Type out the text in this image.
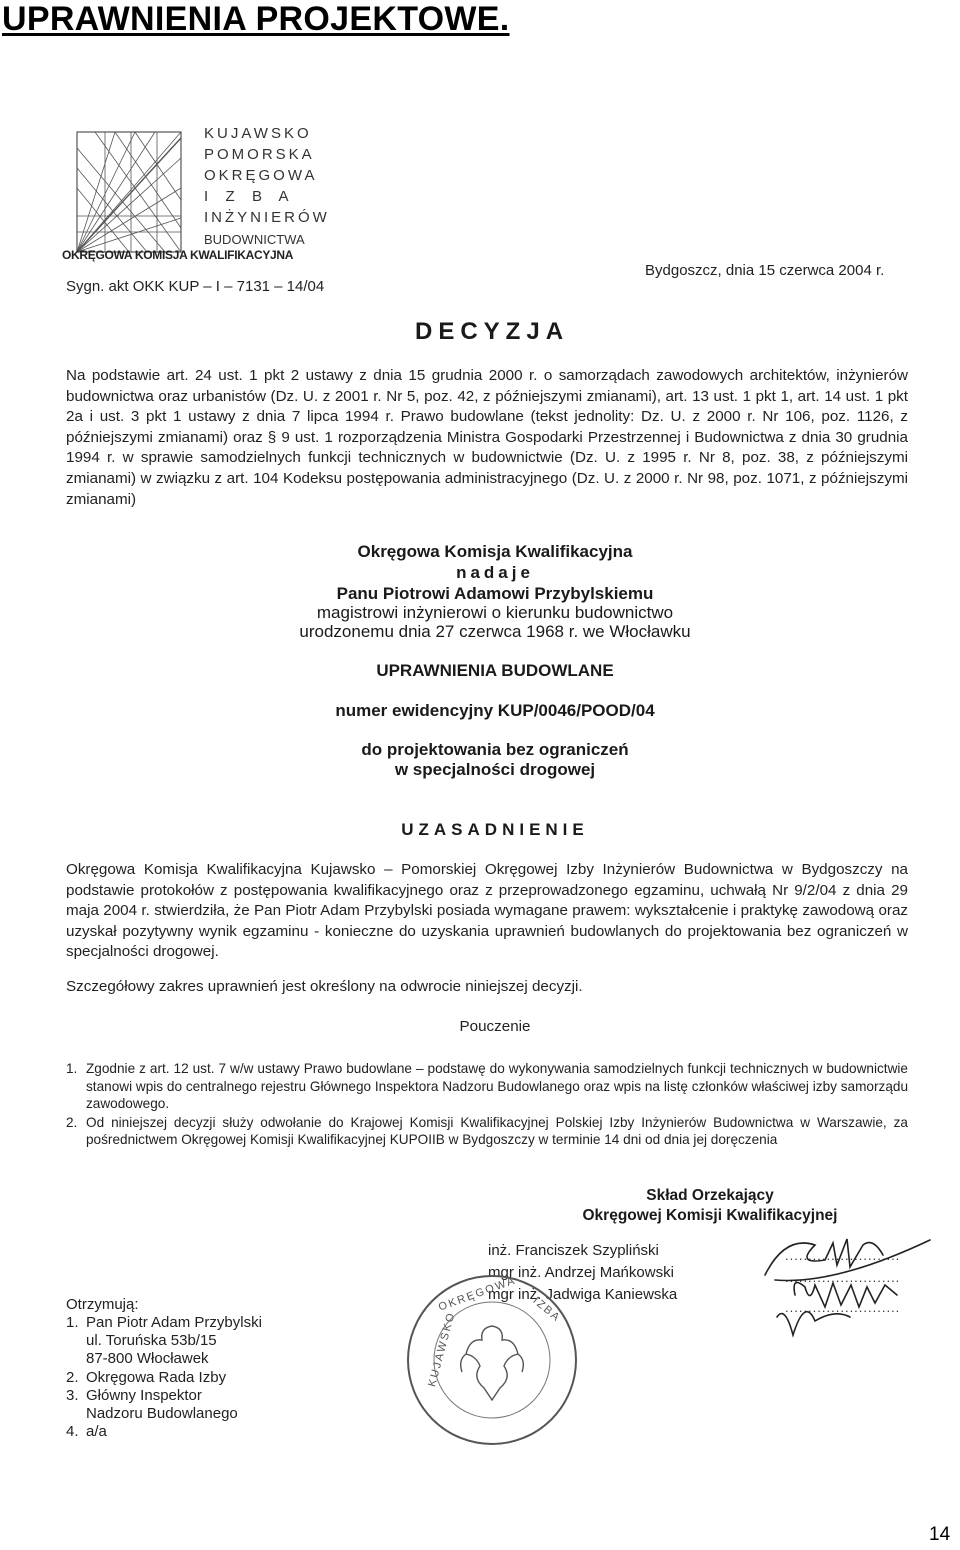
UPRAWNIENIA PROJEKTOWE.
KUJAWSKO
POMORSKA
OKRĘGOWA
I  Z  B  A
INŻYNIERÓW
BUDOWNICTWA
OKRĘGOWA KOMISJA KWALIFIKACYJNA
Sygn. akt OKK KUP – I – 7131 – 14/04
Bydgoszcz, dnia 15 czerwca 2004 r.
DECYZJA
Na podstawie art. 24 ust. 1 pkt 2 ustawy z dnia 15 grudnia 2000 r. o samorządach zawodowych architektów, inżynierów budownictwa oraz urbanistów (Dz. U. z 2001 r. Nr 5, poz. 42, z późniejszymi zmianami), art. 13 ust. 1 pkt 1, art. 14 ust. 1 pkt 2a i ust. 3 pkt 1 ustawy z dnia 7 lipca 1994 r. Prawo budowlane (tekst jednolity: Dz. U. z 2000 r. Nr 106, poz. 1126, z późniejszymi zmianami) oraz § 9 ust. 1 rozporządzenia Ministra Gospodarki Przestrzennej i Budownictwa z dnia 30 grudnia 1994 r. w sprawie samodzielnych funkcji technicznych w budownictwie (Dz. U. z 1995 r. Nr 8, poz. 38, z późniejszymi zmianami) w związku z art. 104 Kodeksu postępowania administracyjnego (Dz. U. z 2000 r. Nr 98, poz. 1071, z późniejszymi zmianami)
Okręgowa Komisja Kwalifikacyjna
nadaje
Panu Piotrowi Adamowi Przybylskiemu
magistrowi inżynierowi o kierunku budownictwo
urodzonemu dnia 27 czerwca 1968 r. we Włocławku
UPRAWNIENIA BUDOWLANE
numer ewidencyjny KUP/0046/POOD/04
do projektowania bez ograniczeń
w specjalności drogowej
UZASADNIENIE
Okręgowa Komisja Kwalifikacyjna Kujawsko – Pomorskiej Okręgowej Izby Inżynierów Budownictwa w Bydgoszczy na podstawie protokołów z postępowania kwalifikacyjnego oraz z przeprowadzonego egzaminu, uchwałą Nr 9/2/04 z dnia 29 maja 2004 r. stwierdziła, że Pan Piotr Adam Przybylski posiada wymagane prawem: wykształcenie i praktykę zawodową oraz uzyskał pozytywny wynik egzaminu - konieczne do uzyskania uprawnień budowlanych do projektowania bez ograniczeń w specjalności drogowej.
Szczegółowy zakres uprawnień jest określony na odwrocie niniejszej decyzji.
Pouczenie
1. Zgodnie z art. 12 ust. 7 w/w ustawy Prawo budowlane – podstawę do wykonywania samodzielnych funkcji technicznych w budownictwie stanowi wpis do centralnego rejestru Głównego Inspektora Nadzoru Budowlanego oraz wpis na listę członków właściwej izby samorządu zawodowego.
2. Od niniejszej decyzji służy odwołanie do Krajowej Komisji Kwalifikacyjnej Polskiej Izby Inżynierów Budownictwa w Warszawie, za pośrednictwem Okręgowej Komisji Kwalifikacyjnej KUPOIIB w Bydgoszczy w terminie 14 dni od dnia jej doręczenia
Skład Orzekający
Okręgowej Komisji Kwalifikacyjnej
inż. Franciszek Szypliński
mgr inż. Andrzej Mańkowski
mgr inż. Jadwiga Kaniewska
.........................
.........................
.........................
OKRĘGOWA
KUJAWSKO
IZBA
Otrzymują:
1. Pan Piotr Adam Przybylski
ul. Toruńska 53b/15
87-800 Włocławek
2. Okręgowa Rada Izby
3. Główny Inspektor
Nadzoru Budowlanego
4. a/a
14
